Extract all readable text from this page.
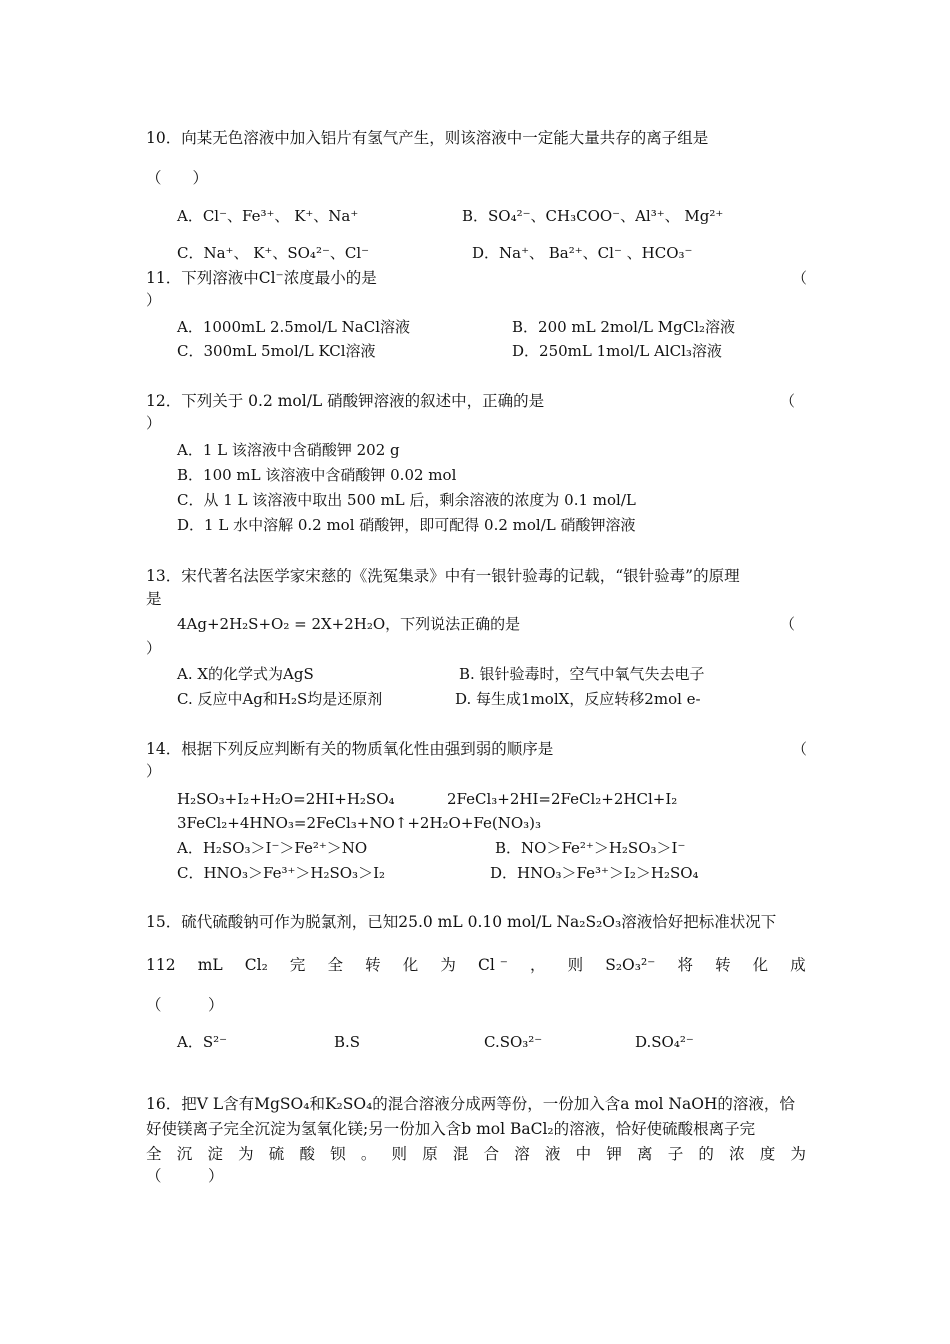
10．向某无色溶液中加入铝片有氢气产生，则该溶液中一定能大量共存的离子组是
（　　）
A．Cl⁻、Fe³⁺、 K⁺、Na⁺	B．SO₄²⁻、CH₃COO⁻、Al³⁺、 Mg²⁺
C．Na⁺、 K⁺、SO₄²⁻、Cl⁻	D．Na⁺、 Ba²⁺、Cl⁻ 、HCO₃⁻
11．下列溶液中Cl⁻浓度最小的是	（
）
A．1000mL 2.5mol/L NaCl溶液	B．200 mL 2mol/L MgCl₂溶液
C．300mL 5mol/L KCl溶液	D．250mL 1mol/L AlCl₃溶液
12．下列关于 0.2 mol/L 硝酸钾溶液的叙述中，正确的是	（
）
A．1 L 该溶液中含硝酸钾 202 g
B．100 mL 该溶液中含硝酸钾 0.02 mol
C．从 1 L 该溶液中取出 500 mL 后，剩余溶液的浓度为 0.1 mol/L
D．1 L 水中溶解 0.2 mol 硝酸钾，即可配得 0.2 mol/L 硝酸钾溶液
13．宋代著名法医学家宋慈的《洗冤集录》中有一银针验毒的记载，“银针验毒”的原理
是
4Ag+2H₂S+O₂ = 2X+2H₂O，下列说法正确的是	（
）
A. X的化学式为AgS	B. 银针验毒时，空气中氧气失去电子
C. 反应中Ag和H₂S均是还原剂	D. 每生成1molX，反应转移2mol e-
14．根据下列反应判断有关的物质氧化性由强到弱的顺序是	（
）
H₂SO₃+I₂+H₂O=2HI+H₂SO₄	2FeCl₃+2HI=2FeCl₂+2HCl+I₂
3FeCl₂+4HNO₃=2FeCl₃+NO↑+2H₂O+Fe(NO₃)₃
A．H₂SO₃＞I⁻＞Fe²⁺＞NO	B．NO＞Fe²⁺＞H₂SO₃＞I⁻
C．HNO₃＞Fe³⁺＞H₂SO₃＞I₂	D．HNO₃＞Fe³⁺＞I₂＞H₂SO₄
15．硫代硫酸钠可作为脱氯剂，已知25.0 mL 0.10 mol/L Na₂S₂O₃溶液恰好把标准状况下
112 mL Cl₂ 完 全 转 化 为 Cl ⁻ ， 则 S₂O₃²⁻ 将 转 化 成
（　　　）
A．S²⁻	B.S	C.SO₃²⁻	D.SO₄²⁻
16．把V L含有MgSO₄和K₂SO₄的混合溶液分成两等份，一份加入含a mol NaOH的溶液，恰
好使镁离子完全沉淀为氢氧化镁;另一份加入含b mol BaCl₂的溶液，恰好使硫酸根离子完
全 沉 淀 为 硫 酸 钡 。 则 原 混 合 溶 液 中 钾 离 子 的 浓 度 为
（　　　）
